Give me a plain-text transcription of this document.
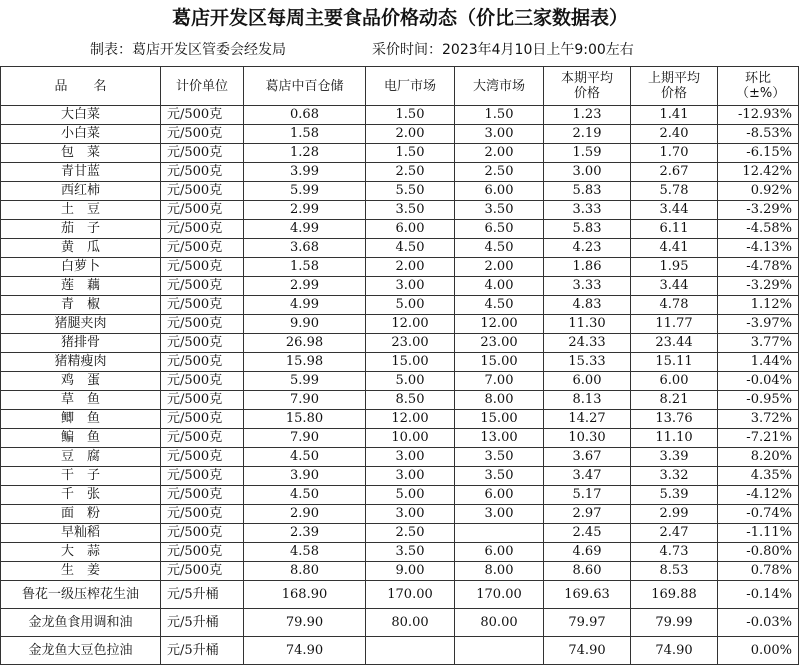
葛店开发区每周主要食品价格动态（价比三家数据表）
制表：葛店开发区管委会经发局	采价时间：2023年4月10日上午9:00左右
品　　名	计价单位	葛店中百仓储	电厂市场	大湾市场	本期平均价格	上期平均价格	环比（±%）
大白菜	元/500克	0.68	1.50	1.50	1.23	1.41	-12.93%
小白菜	元/500克	1.58	2.00	3.00	2.19	2.40	-8.53%
包　菜	元/500克	1.28	1.50	2.00	1.59	1.70	-6.15%
青甘蓝	元/500克	3.99	2.50	2.50	3.00	2.67	12.42%
西红柿	元/500克	5.99	5.50	6.00	5.83	5.78	0.92%
土　豆	元/500克	2.99	3.50	3.50	3.33	3.44	-3.29%
茄　子	元/500克	4.99	6.00	6.50	5.83	6.11	-4.58%
黄　瓜	元/500克	3.68	4.50	4.50	4.23	4.41	-4.13%
白萝卜	元/500克	1.58	2.00	2.00	1.86	1.95	-4.78%
莲　藕	元/500克	2.99	3.00	4.00	3.33	3.44	-3.29%
青　椒	元/500克	4.99	5.00	4.50	4.83	4.78	1.12%
猪腿夹肉	元/500克	9.90	12.00	12.00	11.30	11.77	-3.97%
猪排骨	元/500克	26.98	23.00	23.00	24.33	23.44	3.77%
猪精瘦肉	元/500克	15.98	15.00	15.00	15.33	15.11	1.44%
鸡　蛋	元/500克	5.99	5.00	7.00	6.00	6.00	-0.04%
草　鱼	元/500克	7.90	8.50	8.00	8.13	8.21	-0.95%
鲫　鱼	元/500克	15.80	12.00	15.00	14.27	13.76	3.72%
鳊　鱼	元/500克	7.90	10.00	13.00	10.30	11.10	-7.21%
豆　腐	元/500克	4.50	3.00	3.50	3.67	3.39	8.20%
干　子	元/500克	3.90	3.00	3.50	3.47	3.32	4.35%
千　张	元/500克	4.50	5.00	6.00	5.17	5.39	-4.12%
面　粉	元/500克	2.90	3.00	3.00	2.97	2.99	-0.74%
早籼稻	元/500克	2.39	2.50		2.45	2.47	-1.11%
大　蒜	元/500克	4.58	3.50	6.00	4.69	4.73	-0.80%
生　姜	元/500克	8.80	9.00	8.00	8.60	8.53	0.78%
鲁花一级压榨花生油	元/5升桶	168.90	170.00	170.00	169.63	169.88	-0.14%
金龙鱼食用调和油	元/5升桶	79.90	80.00	80.00	79.97	79.99	-0.03%
金龙鱼大豆色拉油	元/5升桶	74.90			74.90	74.90	0.00%
